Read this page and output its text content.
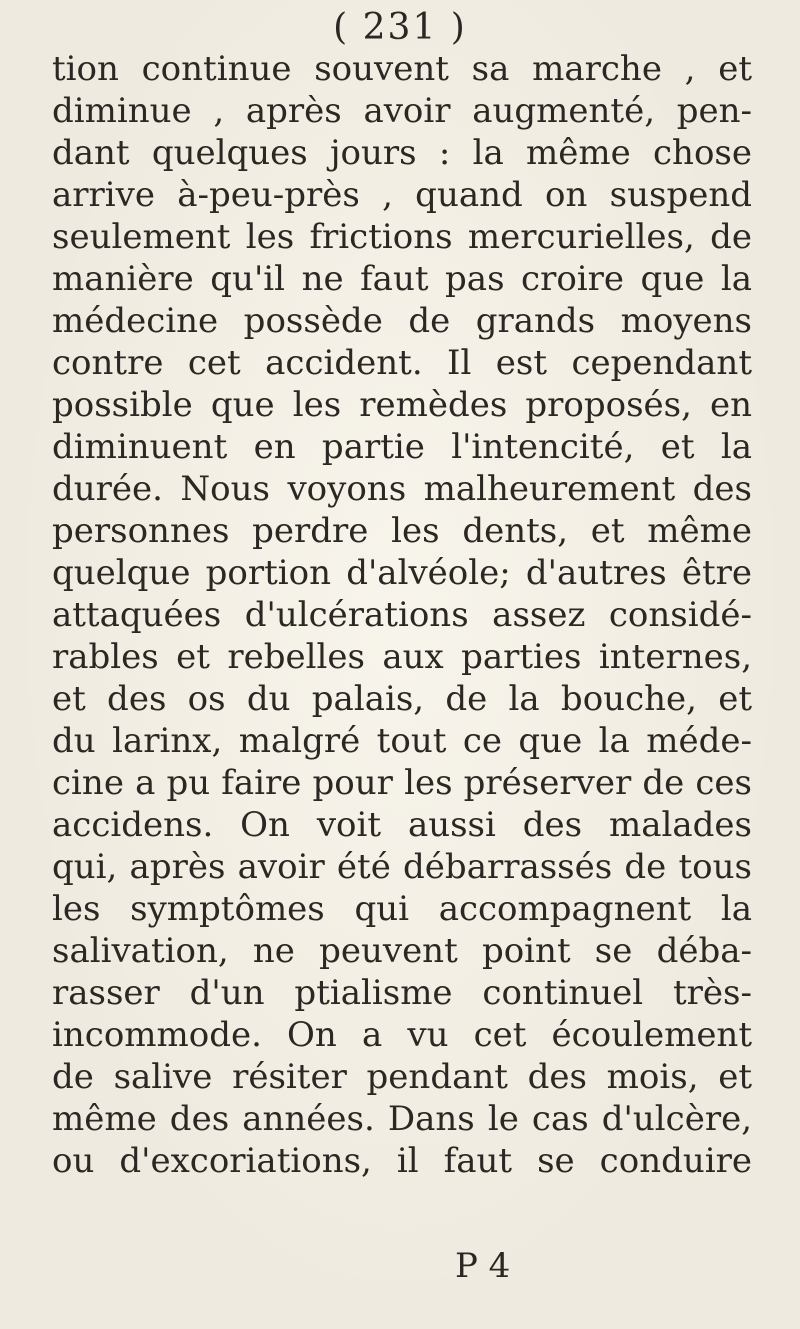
( 231 )
tion continue souvent sa marche , et
diminue , après avoir augmenté, pen-
dant quelques jours : la même chose
arrive à-peu-près , quand on suspend
seulement les frictions mercurielles, de
manière qu'il ne faut pas croire que la
médecine possède de grands moyens
contre cet accident. Il est cependant
possible que les remèdes proposés, en
diminuent en partie l'intencité, et la
durée. Nous voyons malheurement des
personnes perdre les dents, et même
quelque portion d'alvéole; d'autres être
attaquées d'ulcérations assez considé-
rables et rebelles aux parties internes,
et des os du palais, de la bouche, et
du larinx, malgré tout ce que la méde-
cine a pu faire pour les préserver de ces
accidens. On voit aussi des malades
qui, après avoir été débarrassés de tous
les symptômes qui accompagnent la
salivation, ne peuvent point se déba-
rasser d'un ptialisme continuel très-
incommode. On a vu cet écoulement
de salive résiter pendant des mois, et
même des années. Dans le cas d'ulcère,
ou d'excoriations, il faut se conduire
P 4
